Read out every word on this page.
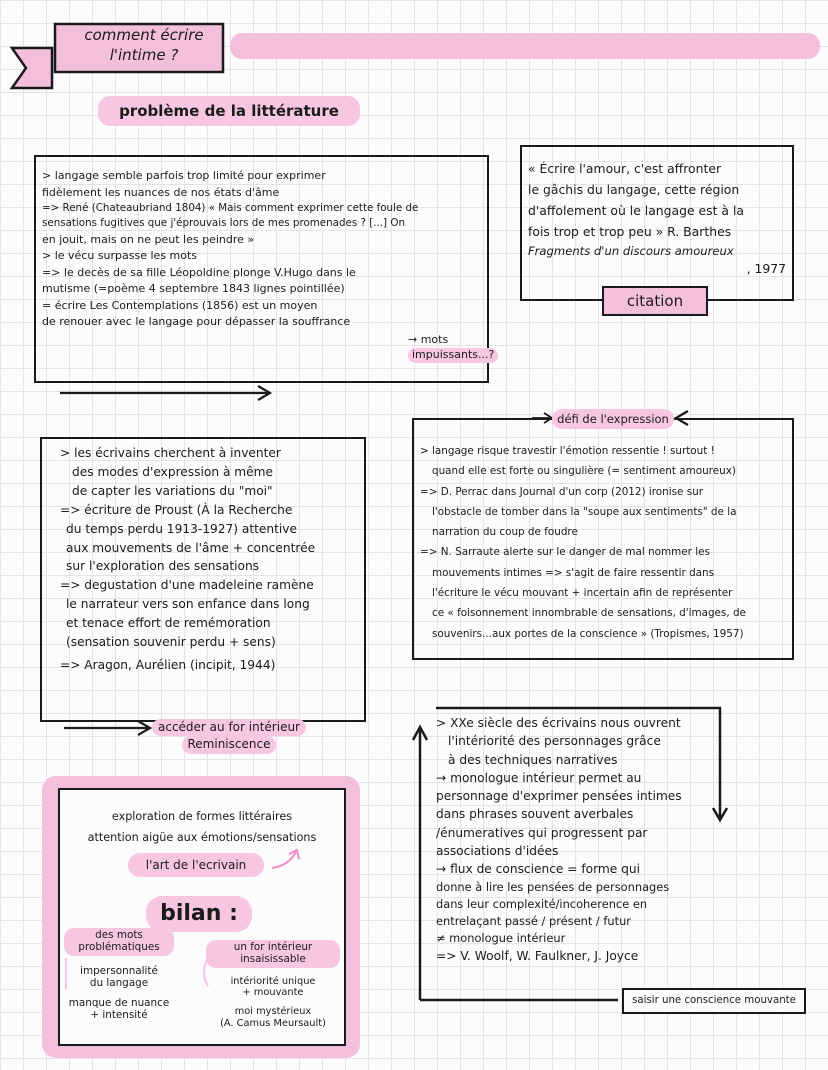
comment écrire
l'intime ?
problème de la littérature
> langage semble parfois trop limité pour exprimer
fidèlement les nuances de nos états d'âme
=> René (Chateaubriand 1804) « Mais comment exprimer cette foule de
sensations fugitives que j'éprouvais lors de mes promenades ? [...] On
en jouit, mais on ne peut les peindre »
> le vécu surpasse les mots
=> le decès de sa fille Léopoldine plonge V.Hugo dans le
mutisme (=poème 4 septembre 1843 lignes pointillée)
= écrire Les Contemplations (1856) est un moyen
de renouer avec le langage pour dépasser la souffrance
→ mots
impuissants...?
« Écrire l'amour, c'est affronter
le gâchis du langage, cette région
d'affolement où le langage est à la
fois trop et trop peu » R. Barthes
Fragments d'un discours amoureux
, 1977
citation
> les écrivains cherchent à inventer
des modes d'expression à même
de capter les variations du "moi"
=> écriture de Proust (À la Recherche
du temps perdu 1913-1927) attentive
aux mouvements de l'âme + concentrée
sur l'exploration des sensations
=> degustation d'une madeleine ramène
le narrateur vers son enfance dans long
et tenace effort de remémoration
(sensation souvenir perdu + sens)
=> Aragon, Aurélien (incipit, 1944)
accéder au for intérieur
Reminiscence
défi de l'expression
> langage risque travestir l'émotion ressentie ! surtout !
quand elle est forte ou singulière (= sentiment amoureux)
=> D. Perrac dans Journal d'un corp (2012) ironise sur
l'obstacle de tomber dans la "soupe aux sentiments" de la
narration du coup de foudre
=> N. Sarraute alerte sur le danger de mal nommer les
mouvements intimes => s'agit de faire ressentir dans
l'écriture le vécu mouvant + incertain afin de représenter
ce « foisonnement innombrable de sensations, d'images, de
souvenirs...aux portes de la conscience » (Tropismes, 1957)
exploration de formes littéraires
attention aigüe aux émotions/sensations
l'art de l'ecrivain
bilan :
des mots
problématiques
impersonnalité
du langage
manque de nuance
+ intensité
un for intérieur
insaisissable
intériorité unique
+ mouvante
moi mystérieux
(A. Camus Meursault)
> XXe siècle des écrivains nous ouvrent
l'intériorité des personnages grâce
à des techniques narratives
→ monologue intérieur permet au
personnage d'exprimer pensées intimes
dans phrases souvent averbales
/énumeratives qui progressent par
associations d'idées
→ flux de conscience = forme qui
donne à lire les pensées de personnages
dans leur complexité/incoherence en
entrelaçant passé / présent / futur
≠ monologue intérieur
=> V. Woolf, W. Faulkner, J. Joyce
saisir une conscience mouvante
